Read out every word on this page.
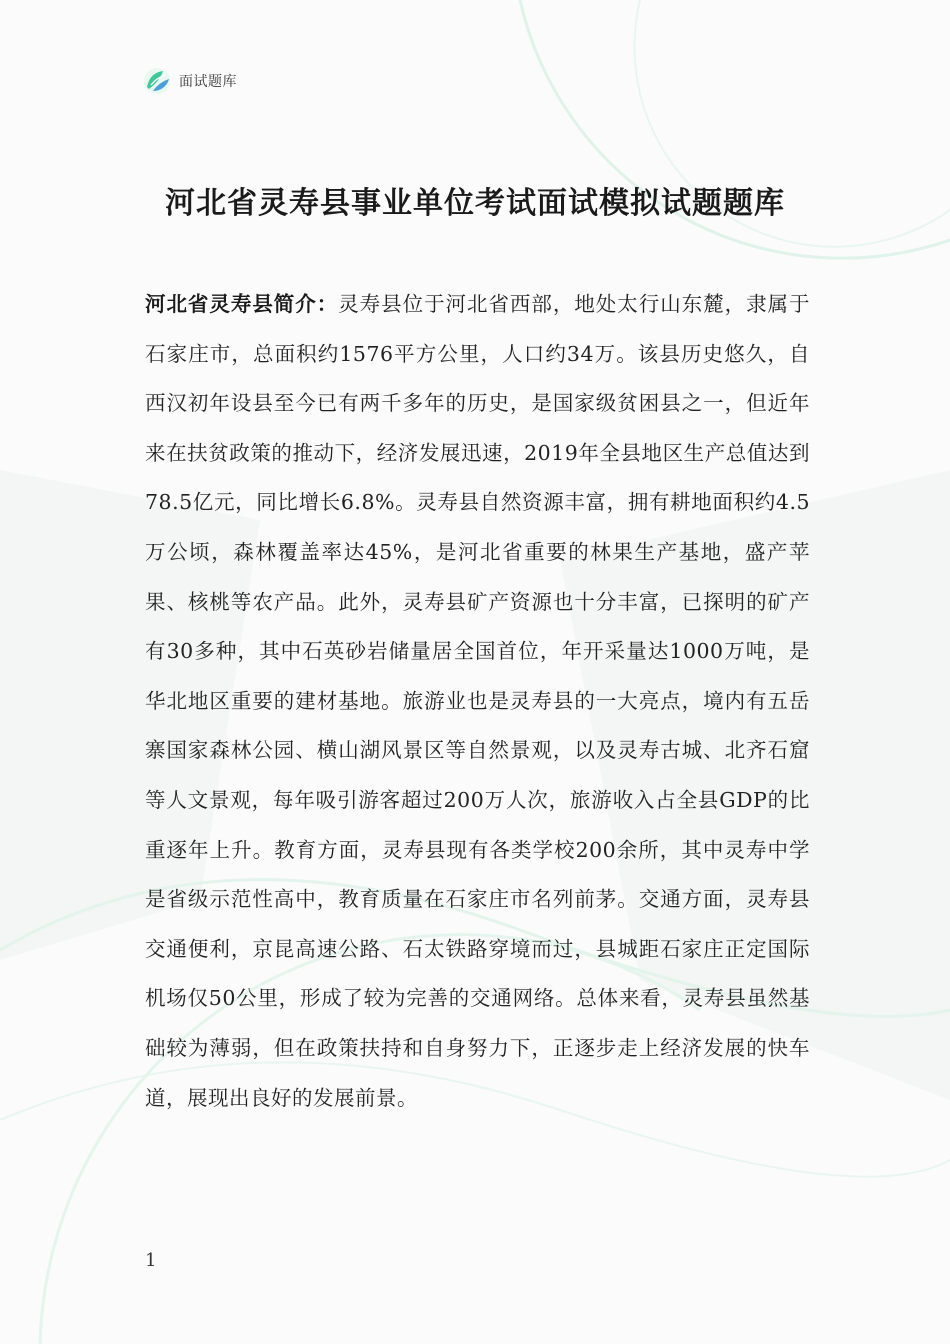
面试题库
河北省灵寿县事业单位考试面试模拟试题题库

河北省灵寿县简介：灵寿县位于河北省西部，地处太行山东麓，隶属于石家庄市，总面积约1576平方公里，人口约34万。该县历史悠久，自西汉初年设县至今已有两千多年的历史，是国家级贫困县之一，但近年来在扶贫政策的推动下，经济发展迅速，2019年全县地区生产总值达到78.5亿元，同比增长6.8%。灵寿县自然资源丰富，拥有耕地面积约4.5万公顷，森林覆盖率达45%，是河北省重要的林果生产基地，盛产苹果、核桃等农产品。此外，灵寿县矿产资源也十分丰富，已探明的矿产有30多种，其中石英砂岩储量居全国首位，年开采量达1000万吨，是华北地区重要的建材基地。旅游业也是灵寿县的一大亮点，境内有五岳寨国家森林公园、横山湖风景区等自然景观，以及灵寿古城、北齐石窟等人文景观，每年吸引游客超过200万人次，旅游收入占全县GDP的比重逐年上升。教育方面，灵寿县现有各类学校200余所，其中灵寿中学是省级示范性高中，教育质量在石家庄市名列前茅。交通方面，灵寿县交通便利，京昆高速公路、石太铁路穿境而过，县城距石家庄正定国际机场仅50公里，形成了较为完善的交通网络。总体来看，灵寿县虽然基础较为薄弱，但在政策扶持和自身努力下，正逐步走上经济发展的快车道，展现出良好的发展前景。

1
